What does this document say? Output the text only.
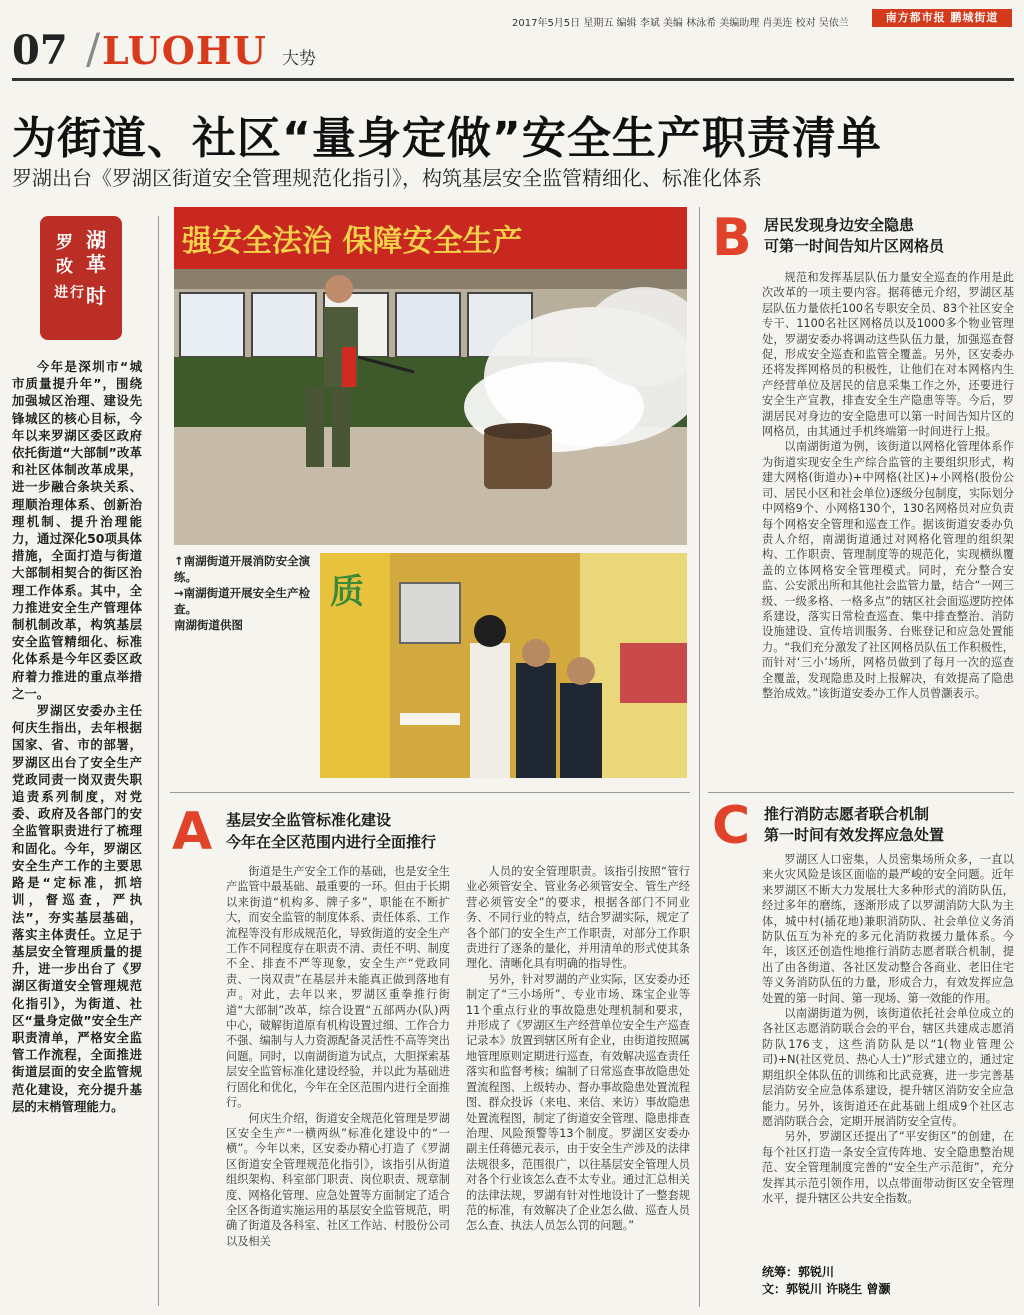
2017年5月5日 星期五 编辑 李斌 美编 林泳希 美编助理 肖美连 校对 吴依兰	南方都市报 鹏城街道
07 / LUOHU 大势
为街道、社区“量身定做”安全生产职责清单
罗湖出台《罗湖区街道安全管理规范化指引》，构筑基层安全监管精细化、标准化体系
湖
革
罗
改
时
行
进

今年是深圳市“城市质量提升年”，围绕加强城区治理、建设先锋城区的核心目标，今年以来罗湖区委区政府依托街道“大部制”改革和社区体制改革成果，进一步融合条块关系、理顺治理体系、创新治理机制、提升治理能力，通过深化50项具体措施，全面打造与街道大部制相契合的街区治理工作体系。其中，全力推进安全生产管理体制机制改革，构筑基层安全监管精细化、标准化体系是今年区委区政府着力推进的重点举措之一。

罗湖区安委办主任何庆生指出，去年根据国家、省、市的部署，罗湖区出台了安全生产党政同责一岗双责失职追责系列制度，对党委、政府及各部门的安全监管职责进行了梳理和固化。今年，罗湖区安全生产工作的主要思路是“定标准，抓培训，督巡查，严执法”，夯实基层基础，落实主体责任。立足于基层安全管理质量的提升，进一步出台了《罗湖区街道安全管理规范化指引》，为街道、社区“量身定做”安全生产职责清单，严格安全监管工作流程，全面推进街道层面的安全监管规范化建设，充分提升基层的末梢管理能力。

强安全法治 保障安全生产
质
↑南湖街道开展消防安全演练。
→南湖街道开展安全生产检查。
南湖街道供图
B 居民发现身边安全隐患
可第一时间告知片区网格员

规范和发挥基层队伍力量安全巡查的作用是此次改革的一项主要内容。据蒋德元介绍，罗湖区基层队伍力量依托100名专职安全员、83个社区安全专干、1100名社区网格员以及1000多个物业管理处，罗湖安委办将调动这些队伍力量，加强巡查督促，形成安全巡查和监管全覆盖。另外，区安委办还将发挥网格员的积极性，让他们在对本网格内生产经营单位及居民的信息采集工作之外，还要进行安全生产宣教，排查安全生产隐患等等。今后，罗湖居民对身边的安全隐患可以第一时间告知片区的网格员，由其通过手机终端第一时间进行上报。

以南湖街道为例，该街道以网格化管理体系作为街道实现安全生产综合监管的主要组织形式，构建大网格(街道办)+中网格(社区)+小网格(股份公司、居民小区和社会单位)逐级分包制度，实际划分中网格9个、小网格130个，130名网格员对应负责每个网格安全管理和巡查工作。据该街道安委办负责人介绍，南湖街道通过对网格化管理的组织架构、工作职责、管理制度等的规范化，实现横纵覆盖的立体网格安全管理模式。同时，充分整合安监、公安派出所和其他社会监管力量，结合“一网三级、一级多格、一格多点”的辖区社会面巡逻防控体系建设，落实日常检查巡查、集中排查整治、消防设施建设、宣传培训服务、台账登记和应急处置能力。“我们充分激发了社区网格员队伍工作积极性，而针对‘三小’场所，网格员做到了每月一次的巡查全覆盖，发现隐患及时上报解决，有效提高了隐患整治成效。”该街道安委办工作人员曾灏表示。

A 基层安全监管标准化建设
今年在全区范围内进行全面推行

街道是生产安全工作的基础，也是安全生产监管中最基础、最重要的一环。但由于长期以来街道“机构多、牌子多”，职能在不断扩大，而安全监管的制度体系、责任体系、工作流程等没有形成规范化，导致街道的安全生产工作不同程度存在职责不清、责任不明、制度不全、排查不严等现象，安全生产“党政同责、一岗双责”在基层并未能真正做到落地有声。对此，去年以来，罗湖区重拳推行街道“大部制”改革，综合设置“五部两办(队)两中心，破解街道原有机构设置过细、工作合力不强、编制与人力资源配备灵活性不高等突出问题。同时，以南湖街道为试点，大胆探索基层安全监管标准化建设经验，并以此为基础进行固化和优化，今年在全区范围内进行全面推行。

何庆生介绍，街道安全规范化管理是罗湖区安全生产“一横两纵”标准化建设中的“一横”。今年以来，区安委办精心打造了《罗湖区街道安全管理规范化指引》，该指引从街道组织架构、科室部门职责、岗位职责、规章制度、网格化管理、应急处置等方面制定了适合全区各街道实施运用的基层安全监管规范，明确了街道及各科室、社区工作站、村股份公司以及相关

人员的安全管理职责。该指引按照“管行业必须管安全、管业务必须管安全、管生产经营必须管安全”的要求，根据各部门不同业务、不同行业的特点，结合罗湖实际，规定了各个部门的安全生产工作职责，对部分工作职责进行了逐条的量化，并用清单的形式使其条理化、清晰化具有明确的指导性。

另外，针对罗湖的产业实际，区安委办还制定了“三小场所”、专业市场、珠宝企业等11个重点行业的事故隐患处理机制和要求，并形成了《罗湖区生产经营单位安全生产巡查记录本》放置到辖区所有企业，由街道按照属地管理原则定期进行巡查，有效解决巡查责任落实和监督考核；编制了日常巡查事故隐患处置流程图、上级转办、督办事故隐患处置流程图、群众投诉（来电、来信、来访）事故隐患处置流程图，制定了街道安全管理、隐患排查治理、风险预警等13个制度。罗湖区安委办副主任蒋德元表示，由于安全生产涉及的法律法规很多，范围很广，以往基层安全管理人员对各个行业该怎么查不太专业。通过汇总相关的法律法规，罗湖有针对性地设计了一整套规范的标准，有效解决了企业怎么做、巡查人员怎么查、执法人员怎么罚的问题。”

C 推行消防志愿者联合机制
第一时间有效发挥应急处置

罗湖区人口密集，人员密集场所众多，一直以来火灾风险是该区面临的最严峻的安全问题。近年来罗湖区不断大力发展壮大多种形式的消防队伍，经过多年的磨练，逐渐形成了以罗湖消防大队为主体，城中村(插花地)兼职消防队、社会单位义务消防队伍互为补充的多元化消防救援力量体系。今年，该区还创造性地推行消防志愿者联合机制，提出了由各街道、各社区发动整合各商业、老旧住宅等义务消防队伍的力量，形成合力，有效发挥应急处置的第一时间、第一现场、第一效能的作用。

以南湖街道为例，该街道依托社会单位成立的各社区志愿消防联合会的平台，辖区共建成志愿消防队176支，这些消防队是以“1(物业管理公司)+N(社区党员、热心人士)”形式建立的，通过定期组织全体队伍的训练和比武竞赛，进一步完善基层消防安全应急体系建设，提升辖区消防安全应急能力。另外，该街道还在此基础上组成9个社区志愿消防联合会，定期开展消防安全宣传。

另外，罗湖区还提出了“平安街区”的创建，在每个社区打造一条安全宣传阵地、安全隐患整治规范、安全管理制度完善的“安全生产示范街”，充分发挥其示范引领作用，以点带面带动街区安全管理水平，提升辖区公共安全指数。

统筹：郭锐川
文：郭锐川 许晓生 曾灏
